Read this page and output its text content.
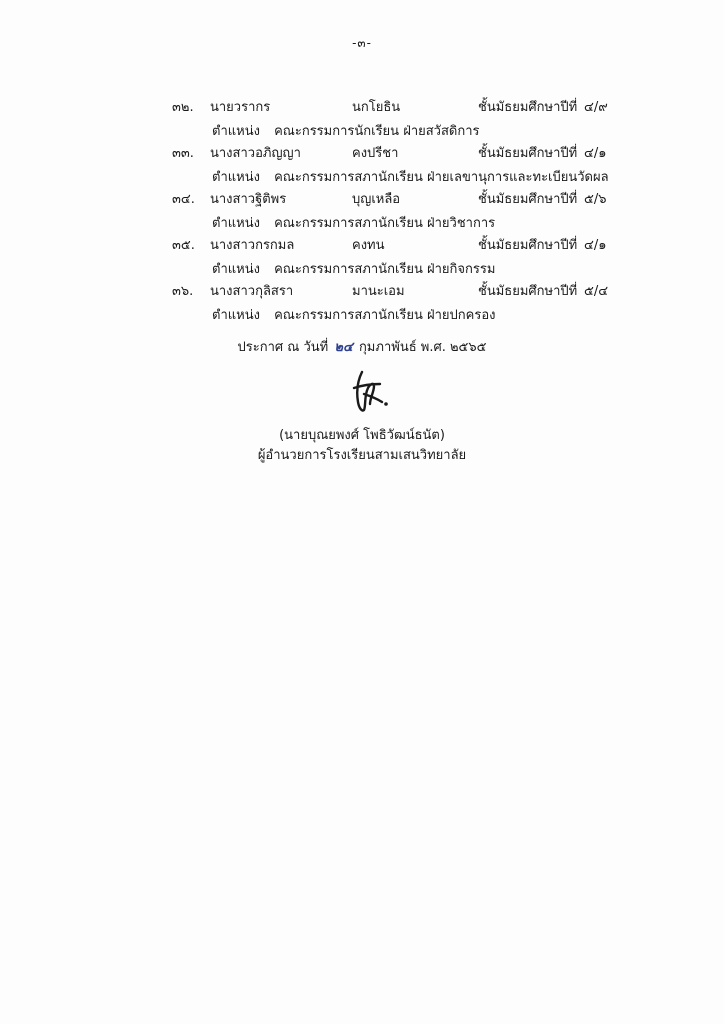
-๓-
๓๒. นายวรากร	นกโยธิน	ชั้นมัธยมศึกษาปีที่ ๔/๙
ตำแหน่ง คณะกรรมการนักเรียน ฝ่ายสวัสดิการ
๓๓. นางสาวอภิญญา	คงปรีชา	ชั้นมัธยมศึกษาปีที่ ๔/๑
ตำแหน่ง คณะกรรมการสภานักเรียน ฝ่ายเลขานุการและทะเบียนวัดผล
๓๔. นางสาวฐิติพร	บุญเหลือ	ชั้นมัธยมศึกษาปีที่ ๕/๖
ตำแหน่ง คณะกรรมการสภานักเรียน ฝ่ายวิชาการ
๓๕. นางสาวกรกมล	คงทน	ชั้นมัธยมศึกษาปีที่ ๔/๑
ตำแหน่ง คณะกรรมการสภานักเรียน ฝ่ายกิจกรรม
๓๖. นางสาวกุลิสรา	มานะเอม	ชั้นมัธยมศึกษาปีที่ ๕/๔
ตำแหน่ง คณะกรรมการสภานักเรียน ฝ่ายปกครอง
ประกาศ ณ วันที่ ๒๔ กุมภาพันธ์ พ.ศ. ๒๕๖๕
(นายบุณยพงศ์ โพธิวัฒน์ธนัต)
ผู้อำนวยการโรงเรียนสามเสนวิทยาลัย
